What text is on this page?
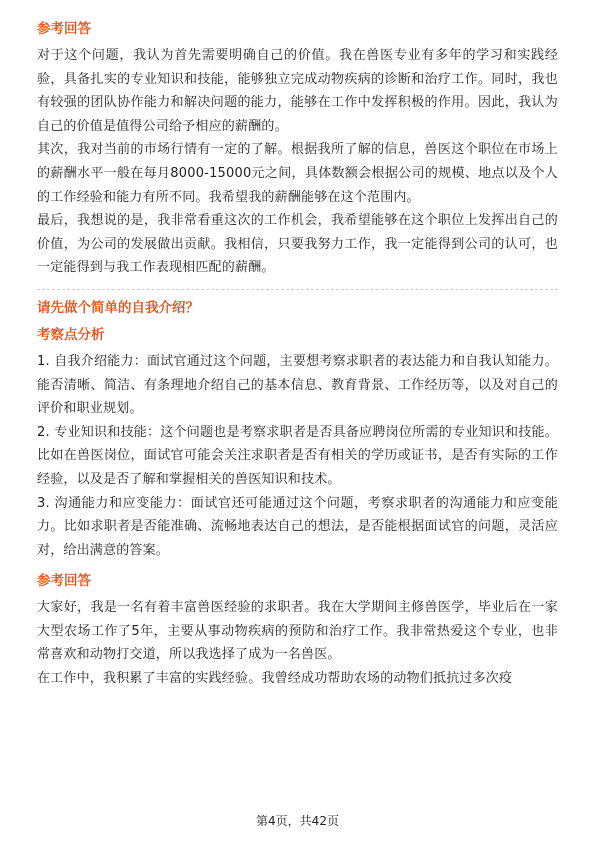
参考回答

对于这个问题，我认为首先需要明确自己的价值。我在兽医专业有多年的学习和实践经验，具备扎实的专业知识和技能，能够独立完成动物疾病的诊断和治疗工作。同时，我也有较强的团队协作能力和解决问题的能力，能够在工作中发挥积极的作用。因此，我认为自己的价值是值得公司给予相应的薪酬的。

其次，我对当前的市场行情有一定的了解。根据我所了解的信息，兽医这个职位在市场上的薪酬水平一般在每月8000-15000元之间，具体数额会根据公司的规模、地点以及个人的工作经验和能力有所不同。我希望我的薪酬能够在这个范围内。

最后，我想说的是，我非常看重这次的工作机会，我希望能够在这个职位上发挥出自己的价值，为公司的发展做出贡献。我相信，只要我努力工作，我一定能得到公司的认可，也一定能得到与我工作表现相匹配的薪酬。

请先做个简单的自我介绍？
考察点分析

1. 自我介绍能力：面试官通过这个问题，主要想考察求职者的表达能力和自我认知能力。能否清晰、简洁、有条理地介绍自己的基本信息、教育背景、工作经历等，以及对自己的评价和职业规划。

2. 专业知识和技能：这个问题也是考察求职者是否具备应聘岗位所需的专业知识和技能。比如在兽医岗位，面试官可能会关注求职者是否有相关的学历或证书，是否有实际的工作经验，以及是否了解和掌握相关的兽医知识和技术。

3. 沟通能力和应变能力：面试官还可能通过这个问题，考察求职者的沟通能力和应变能力。比如求职者是否能准确、流畅地表达自己的想法，是否能根据面试官的问题，灵活应对，给出满意的答案。

参考回答

大家好，我是一名有着丰富兽医经验的求职者。我在大学期间主修兽医学，毕业后在一家大型农场工作了5年，主要从事动物疾病的预防和治疗工作。我非常热爱这个专业，也非常喜欢和动物打交道，所以我选择了成为一名兽医。

在工作中，我积累了丰富的实践经验。我曾经成功帮助农场的动物们抵抗过多次疫

第4页，共42页
